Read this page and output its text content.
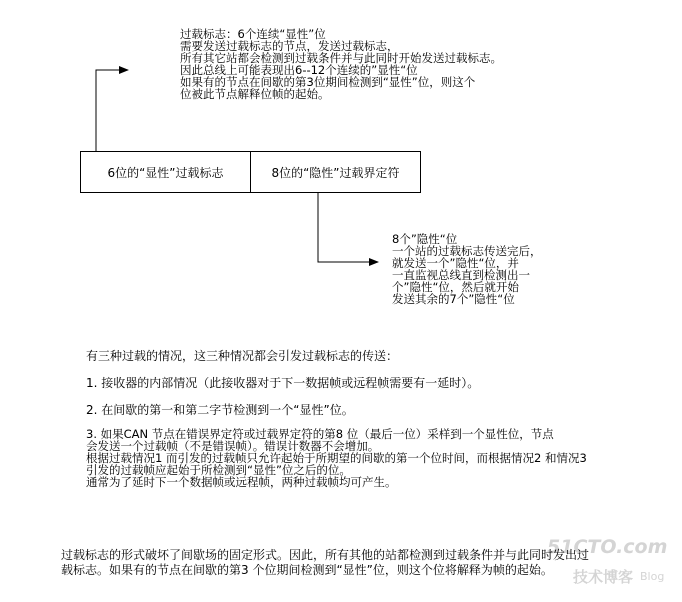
过载标志：6个连续“显性”位
需要发送过载标志的节点，发送过载标志，
所有其它站都会检测到过载条件并与此同时开始发送过载标志。
因此总线上可能表现出6--12个连续的”显性“位
如果有的节点在间歇的第3位期间检测到“显性”位，则这个
位被此节点解释位帧的起始。
6位的“显性”过载标志	8位的“隐性”过载界定符
8个”隐性“位
一个站的过载标志传送完后，
就发送一个”隐性“位，并
一直监视总线直到检测出一
个”隐性“位，然后就开始
发送其余的7个”隐性“位
有三种过载的情况，这三种情况都会引发过载标志的传送：
1. 接收器的内部情况（此接收器对于下一数据帧或远程帧需要有一延时）。
2. 在间歇的第一和第二字节检测到一个“显性”位。
3. 如果CAN 节点在错误界定符或过载界定符的第8 位（最后一位）采样到一个显性位，节点
会发送一个过载帧（不是错误帧）。错误计数器不会增加。
根据过载情况1 而引发的过载帧只允许起始于所期望的间歇的第一个位时间，而根据情况2 和情况3
引发的过载帧应起始于所检测到“显性”位之后的位。
通常为了延时下一个数据帧或远程帧，两种过载帧均可产生。
51CTO.com
技术博客 Blog
过载标志的形式破坏了间歇场的固定形式。因此，所有其他的站都检测到过载条件并与此同时发出过
载标志。如果有的节点在间歇的第3 个位期间检测到“显性”位，则这个位将解释为帧的起始。
